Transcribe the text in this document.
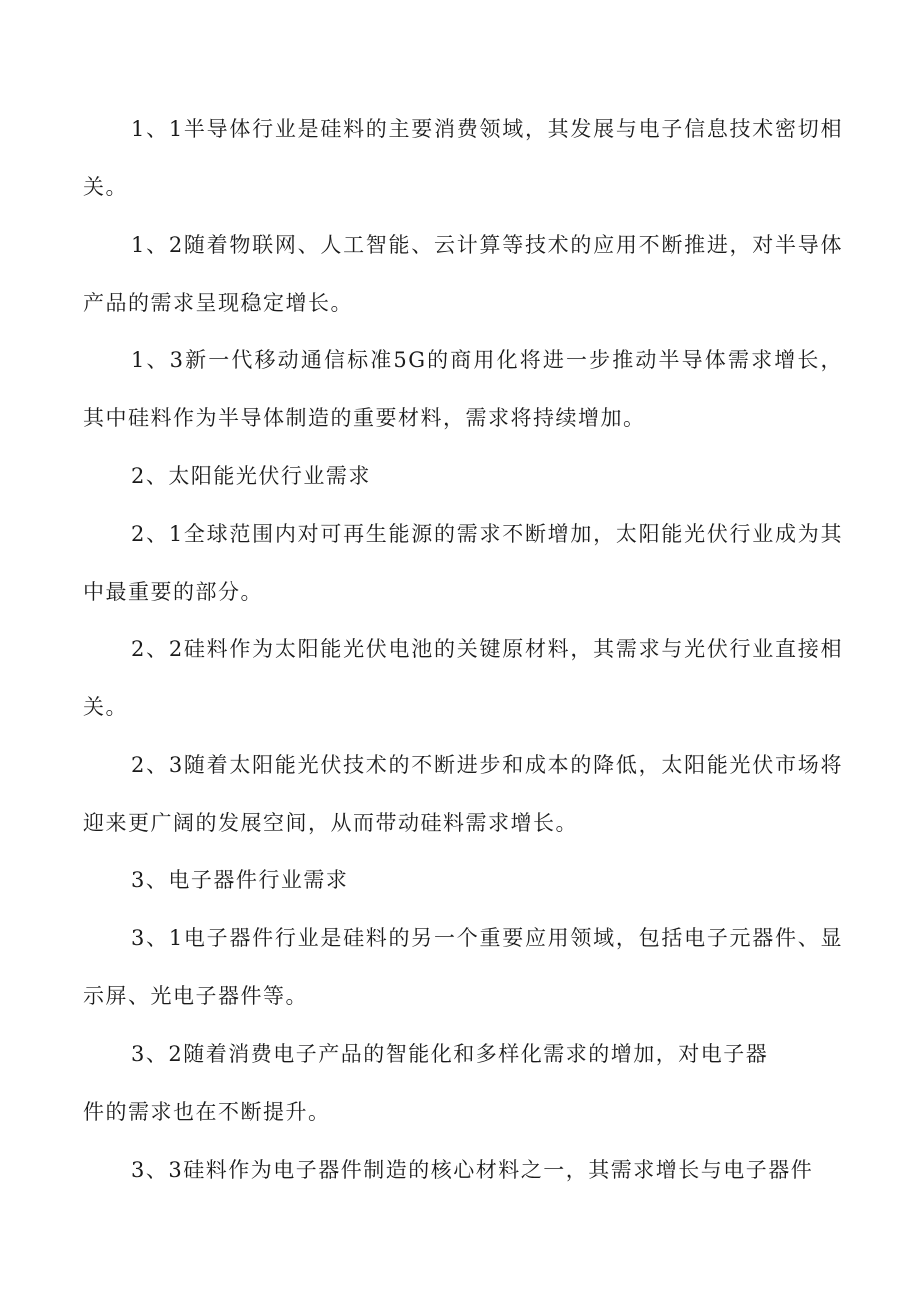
1、1半导体行业是硅料的主要消费领域，其发展与电子信息技术密切相关。

1、2随着物联网、人工智能、云计算等技术的应用不断推进，对半导体产品的需求呈现稳定增长。

1、3新一代移动通信标准5G的商用化将进一步推动半导体需求增长，其中硅料作为半导体制造的重要材料，需求将持续增加。

2、太阳能光伏行业需求

2、1全球范围内对可再生能源的需求不断增加，太阳能光伏行业成为其中最重要的部分。

2、2硅料作为太阳能光伏电池的关键原材料，其需求与光伏行业直接相关。

2、3随着太阳能光伏技术的不断进步和成本的降低，太阳能光伏市场将迎来更广阔的发展空间，从而带动硅料需求增长。

3、电子器件行业需求

3、1电子器件行业是硅料的另一个重要应用领域，包括电子元器件、显示屏、光电子器件等。

3、2随着消费电子产品的智能化和多样化需求的增加，对电子器

件的需求也在不断提升。

3、3硅料作为电子器件制造的核心材料之一，其需求增长与电子器件
